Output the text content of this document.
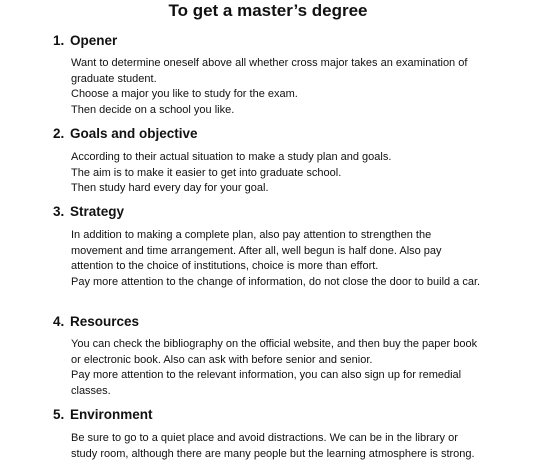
To get a master’s degree
1. Opener

Want to determine oneself above all whether cross major takes an examination of graduate student.

Choose a major you like to study for the exam.

Then decide on a school you like.

2. Goals and objective

According to their actual situation to make a study plan and goals.

The aim is to make it easier to get into graduate school.

Then study hard every day for your goal.

3. Strategy

In addition to making a complete plan, also pay attention to strengthen the movement and time arrangement. After all, well begun is half done. Also pay attention to the choice of institutions, choice is more than effort.

Pay more attention to the change of information, do not close the door to build a car.

4. Resources

You can check the bibliography on the official website, and then buy the paper book or electronic book. Also can ask with before senior and senior.

Pay more attention to the relevant information, you can also sign up for remedial classes.

5. Environment

Be sure to go to a quiet place and avoid distractions. We can be in the library or study room, although there are many people but the learning atmosphere is strong.
